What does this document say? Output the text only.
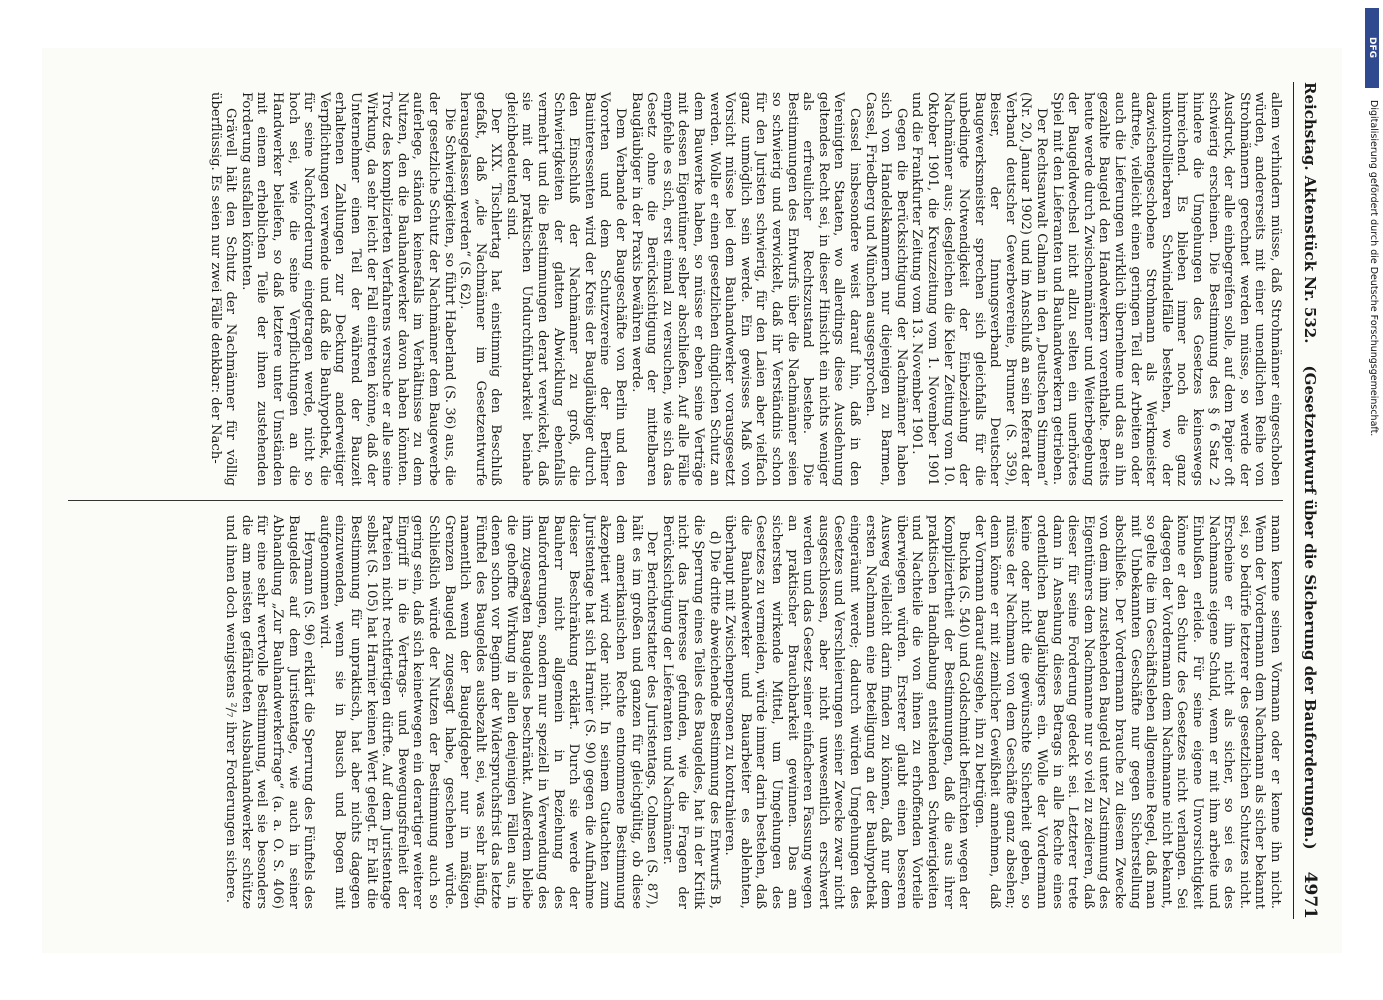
Reichstag. Aktenstück Nr. 532.
(Gesetzentwurf über die Sicherung der Bauforderungen.)
4971

allem verhindern müsse, daß Strohmänner eingeschoben würden, andererseits mit einer unendlichen Reihe von Strohmännern gerechnet werden müsse, so werde der Ausdruck, der alle einbegreifen solle, auf dem Papier oft schwierig erscheinen. Die Bestimmung des § 6 Satz 2 hindere die Umgehungen des Gesetzes keineswegs hinreichend. Es blieben immer noch die ganz unkontrollierbaren Schwindelfälle bestehen, wo der dazwischengeschobene Strohmann als Werkmeister auftrete, vielleicht einen geringen Teil der Arbeiten oder auch die Lieferungen wirklich übernehme und das an ihn gezahlte Baugeld den Handwerkern vorenthalte. Bereits heute werde durch Zwischenmänner und Weiterbegebung der Baugeldwechsel nicht allzu selten ein unerhörtes Spiel mit den Lieferanten und Bauhandwerkern getrieben.

Der Rechtsanwalt Calman in den „Deutschen Stimmen“ (Nr. 20, Januar 1902) und im Anschluß an sein Referat der Verband deutscher Gewerbevereine, Brunner (S. 359), Beiser, der Innungsverband Deutscher Baugewerksmeister sprechen sich gleichfalls für die unbedingte Notwendigkeit der Einbeziehung der Nachmänner aus; desgleichen die Kieler Zeitung vom 10. Oktober 1901, die Kreuzzeitung vom 1. November 1901 und die Frankfurter Zeitung vom 13. November 1901.

Gegen die Berücksichtigung der Nachmänner haben sich von Handelskammern nur diejenigen zu Barmen, Cassel, Friedberg und München ausgesprochen.

Cassel insbesondere weist darauf hin, daß in den Vereinigten Staaten, wo allerdings diese Ausdehnung geltendes Recht sei, in dieser Hinsicht ein nichts weniger als erfreulicher Rechtszustand bestehe. Die Bestimmungen des Entwurfs über die Nachmänner seien so schwierig und verwickelt, daß ihr Verständnis schon für den Juristen schwierig, für den Laien aber vielfach ganz unmöglich sein werde. Ein gewisses Maß von Vorsicht müsse bei dem Bauhandwerker vorausgesetzt werden. Wolle er einen gesetzlichen dinglichen Schutz an dem Bauwerke haben, so müsse er eben seine Verträge mit dessen Eigentümer selber abschließen. Auf alle Fälle empfehle es sich, erst einmal zu versuchen, wie sich das Gesetz ohne die Berücksichtigung der mittelbaren Baugläubiger in der Praxis bewähren werde.

Dem Verbande der Baugeschäfte von Berlin und den Vororten und dem Schutzvereine der Berliner Bauinteressenten wird der Kreis der Baugläubiger durch den Einschluß der Nachmänner zu groß, die Schwierigkeiten der glatten Abwicklung ebenfalls vermehrt und die Bestimmungen derart verwickelt, daß sie mit der praktischen Undurchführbarkeit beinahe gleichbedeutend sind.

Der XIX. Tischlertag hat einstimmig den Beschluß gefaßt, daß „die Nachmänner im Gesetzentwurfe herausgelassen werden“ (S. 62).

Die Schwierigkeiten, so führt Haberland (S. 36) aus, die der gesetzliche Schutz der Nachmänner dem Baugewerbe auferlege, ständen keinesfalls im Verhältnisse zu dem Nutzen, den die Bauhandwerker davon haben könnten. Trotz des komplizierten Verfahrens versuche er alle seine Wirkung, da sehr leicht der Fall eintreten könne, daß der Unternehmer einen Teil der während der Bauzeit erhaltenen Zahlungen zur Deckung anderweitiger Verpflichtungen verwende und daß die Bauhypothek, die für seine Nachforderung eingetragen werde, nicht so hoch sei, wie die seine Verpflichtungen an die Handwerker beliefen, so daß letztere unter Umständen mit einem erheblichen Teile der ihnen zustehenden Forderung ausfallen könnten.

Grävell hält den Schutz der Nachmänner für völlig überflüssig. Es seien nur zwei Fälle denkbar: der Nach-

mann kenne seinen Vormann oder er kenne ihn nicht. Wenn der Vordermann dem Nachmann als sicher bekannt sei, so bedürfe letzterer des gesetzlichen Schutzes nicht. Erscheine er ihm nicht als sicher, so sei es des Nachmanns eigene Schuld, wenn er mit ihm arbeite und Einbußen erleide. Für seine eigene Unvorsichtigkeit könne er den Schutz des Gesetzes nicht verlangen. Sei dagegen der Vordermann dem Nachmanne nicht bekannt, so gelte die im Geschäftsleben allgemeine Regel, daß man mit Unbekannten Geschäfte nur gegen Sicherstellung abschließe. Der Vordermann brauche zu diesem Zwecke von dem ihm zustehenden Baugeld unter Zustimmung des Eigentümers dem Nachmanne nur so viel zu zedieren, daß dieser für seine Forderung gedeckt sei. Letzterer trete dann in Ansehung dieses Betrags in alle Rechte eines ordentlichen Baugläubigers ein. Wolle der Vordermann keine oder nicht die gewünschte Sicherheit geben, so müsse der Nachmann von dem Geschäfte ganz absehen; denn könne er mit ziemlicher Gewißheit annehmen, daß der Vormann darauf ausgehe, ihn zu betrügen.

Buchka (S. 540) und Goldschmidt befürchten wegen der Kompliziertheit der Bestimmungen, daß die aus ihrer praktischen Handhabung entstehenden Schwierigkeiten und Nachteile die von ihnen zu erhoffenden Vorteile überwiegen würden. Ersterer glaubt einen besseren Ausweg vielleicht darin finden zu können, daß nur dem ersten Nachmann eine Beteiligung an der Bauhypothek eingeräumt werde; dadurch würden Umgehungen des Gesetzes und Verschleierungen seiner Zwecke zwar nicht ausgeschlossen, aber nicht unwesentlich erschwert werden und das Gesetz seiner einfacheren Fassung wegen an praktischer Brauchbarkeit gewinnen. Das am sichersten wirkende Mittel, um Umgehungen des Gesetzes zu vermeiden, würde immer darin bestehen, daß die Bauhandwerker und Bauarbeiter es ablehnten, überhaupt mit Zwischenpersonen zu kontrahieren.

d) Die dritte abweichende Bestimmung des Entwurfs B, die Sperrung eines Teiles des Baugeldes, hat in der Kritik nicht das Interesse gefunden, wie die Fragen der Berücksichtigung der Lieferanten und Nachmänner.

Der Berichterstatter des Juristentags, Colmsen (S. 87), hält es im großen und ganzen für gleichgültig, ob diese dem amerikanischen Rechte entnommene Bestimmung akzeptiert wird oder nicht. In seinem Gutachten zum Juristentage hat sich Harnier (S. 90) gegen die Aufnahme dieser Beschränkung erklärt. Durch sie werde der Bauherr nicht allgemein in Beziehung des Bauforderungen, sondern nur speziell in Verwendung des ihm zugesagten Baugeldes beschränkt. Außerdem bleibe die gehoffte Wirkung in allen denjenigen Fällen aus, in denen schon vor Beginn der Widerspruchsfrist das letzte Fünftel des Baugeldes ausbezahlt sei, was sehr häufig, namentlich wenn der Baugeldgeber nur in mäßigen Grenzen Baugeld zugesagt habe, geschehen würde. Schließlich würde der Nutzen der Bestimmung auch so gering sein, daß sich keinetwegen ein derartiger weiterer Eingriff in die Vertrags- und Bewegungsfreiheit der Parteien nicht rechtfertigen dürfte. Auf dem Juristentage selbst (S. 105) hat Harnier keinen Wert gelegt. Er hält die Bestimmung für unpraktisch, hat aber nichts dagegen einzuwenden, wenn sie in Bausch und Bogen mit aufgenommen wird.

Heymann (S. 96) erklärt die Sperrung des Fünftels des Baugeldes auf dem Juristentage, wie auch in seiner Abhandlung „Zur Bauhandwerkerfrage“ (a. a. O. S. 406) für eine sehr wertvolle Bestimmung, weil sie besonders die am meisten gefährdeten Ausbauhandwerker schütze und ihnen doch wenigstens ²/₇ ihrer Forderungen sichere.

DFG
Digitalisierung gefördert durch die Deutsche Forschungsgemeinschaft.
